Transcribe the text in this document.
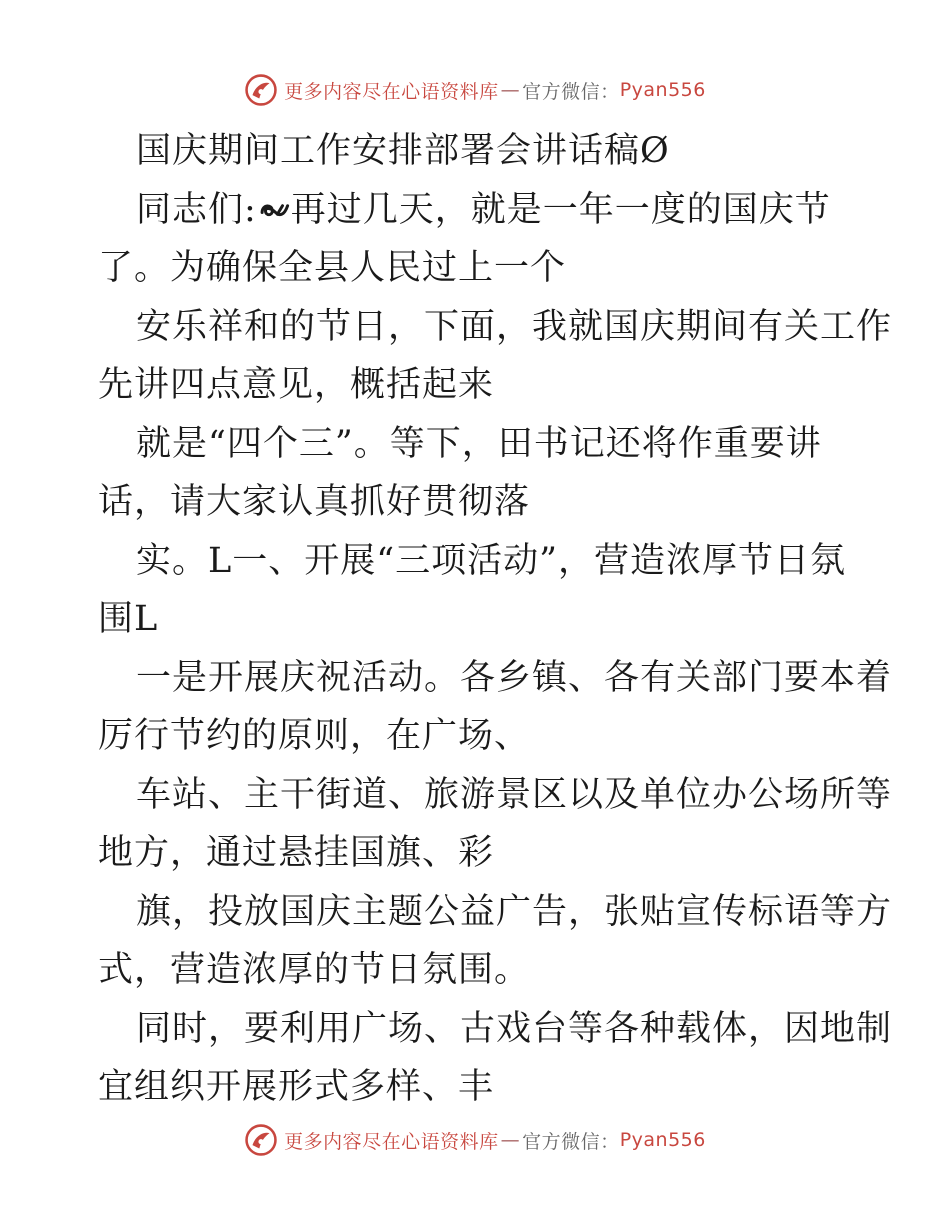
更多内容尽在心语资料库 — 官方微信： Pyan556
国庆期间工作安排部署会讲话稿Ø
同志们: 再过几天，就是一年一度的国庆节
了。为确保全县人民过上一个
安乐祥和的节日，下面，我就国庆期间有关工作
先讲四点意见，概括起来
就是“四个三”。等下，田书记还将作重要讲
话，请大家认真抓好贯彻落
实。L一、开展“三项活动”，营造浓厚节日氛
围L
一是开展庆祝活动。各乡镇、各有关部门要本着
厉行节约的原则，在广场、
车站、主干街道、旅游景区以及单位办公场所等
地方，通过悬挂国旗、彩
旗，投放国庆主题公益广告，张贴宣传标语等方
式，营造浓厚的节日氛围。
同时，要利用广场、古戏台等各种载体，因地制
宜组织开展形式多样、丰
更多内容尽在心语资料库 — 官方微信： Pyan556
